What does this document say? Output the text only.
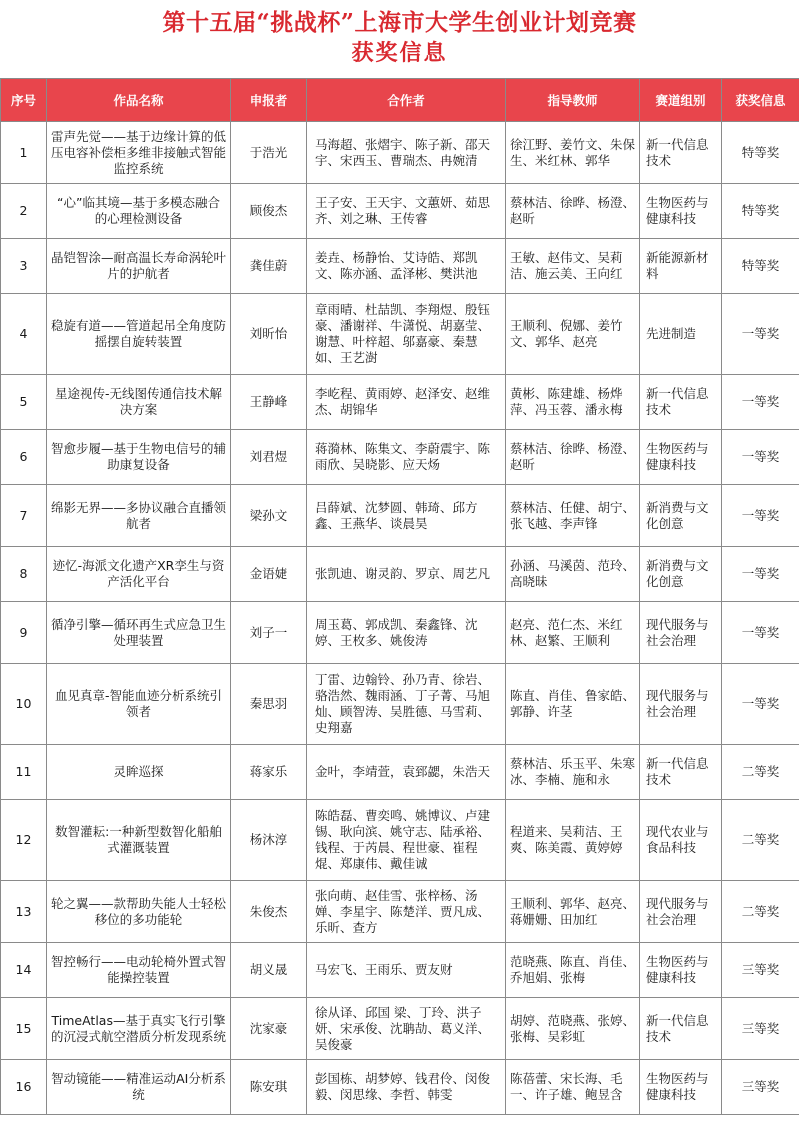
第十五届“挑战杯”上海市大学生创业计划竞赛
获奖信息
序号	作品名称	申报者	合作者	指导教师	赛道组别	获奖信息
1	雷声先觉——基于边缘计算的低压电容补偿柜多维非接触式智能监控系统	于浩光	马海超、张熠宇、陈子新、邵天宇、宋西玉、曹瑞杰、冉婉清	徐江野、姜竹文、朱保生、米红林、郭华	新一代信息技术	特等奖
2	“心”临其境—基于多模态融合的心理检测设备	顾俊杰	王子安、王天宇、文蕙妍、茹思齐、刘之琳、王传睿	蔡林洁、徐晔、杨澄、赵昕	生物医药与健康科技	特等奖
3	晶铠智涂—耐高温长寿命涡轮叶片的护航者	龚佳蔚	姜垚、杨静怡、艾诗皓、郑凯文、陈亦涵、孟泽彬、樊洪池	王敏、赵伟文、吴莉洁、施云美、王向红	新能源新材料	特等奖
4	稳旋有道——管道起吊全角度防摇摆自旋转装置	刘昕怡	章雨晴、杜喆凯、李翔煜、殷钰豪、潘谢祥、牛潇悦、胡嘉莹、谢慧、叶梓超、邬嘉豪、秦慧如、王艺澍	王顺利、倪娜、姜竹文、郭华、赵亮	先进制造	一等奖
5	星途视传-无线图传通信技术解决方案	王静峰	李屹程、黄雨婷、赵泽安、赵维杰、胡锦华	黄彬、陈建雄、杨烨萍、冯玉蓉、潘永梅	新一代信息技术	一等奖
6	智愈步履—基于生物电信号的辅助康复设备	刘君煜	蒋漪林、陈集文、李蔚震宇、陈雨欣、吴晓影、应天炀	蔡林洁、徐晔、杨澄、赵昕	生物医药与健康科技	一等奖
7	绵影无界——多协议融合直播领航者	梁孙文	吕薛斌、沈梦圆、韩琦、邱方鑫、王燕华、谈晨昊	蔡林洁、任健、胡宁、张飞越、李声锋	新消费与文化创意	一等奖
8	迹忆-海派文化遗产XR孪生与资产活化平台	金语婕	张凯迪、谢灵韵、罗京、周艺凡	孙涵、马溪茵、范玲、高晓昧	新消费与文化创意	一等奖
9	循净引擎—循环再生式应急卫生处理装置	刘子一	周玉葛、郭成凯、秦鑫锋、沈婷、王枚多、姚俊涛	赵亮、范仁杰、米红林、赵繁、王顺利	现代服务与社会治理	一等奖
10	血见真章-智能血迹分析系统引领者	秦思羽	丁雷、边翰铃、孙乃青、徐岩、骆浩然、魏雨涵、丁子菁、马旭灿、顾智涛、吴胜德、马雪莉、史翔嘉	陈直、肖佳、鲁家皓、郭静、许茎	现代服务与社会治理	一等奖
11	灵眸巡探	蒋家乐	金叶，李靖萱，袁郅勰，朱浩天	蔡林洁、乐玉平、朱寒冰、李楠、施和永	新一代信息技术	二等奖
12	数智灌耘:一种新型数智化船舶式灌溉装置	杨沐淳	陈皓磊、曹奕鸣、姚博议、卢建锡、耿向滨、姚守志、陆承裕、钱程、于芮晨、程世豪、崔程焜、郑康伟、戴佳诚	程道来、吴莉洁、王爽、陈美霞、黄婷婷	现代农业与食品科技	二等奖
13	轮之翼——款帮助失能人士轻松移位的多功能轮	朱俊杰	张向萌、赵佳雪、张梓杨、汤婵、李星宇、陈楚洋、贾凡成、乐昕、查方	王顺利、郭华、赵亮、蒋姗姗、田加红	现代服务与社会治理	二等奖
14	智控畅行——电动轮椅外置式智能操控装置	胡义晟	马宏飞、王雨乐、贾友财	范晓燕、陈直、肖佳、乔旭娟、张梅	生物医药与健康科技	三等奖
15	TimeAtlas—基于真实飞行引擎的沉浸式航空潜质分析发现系统	沈家豪	徐从译、邱国 梁、丁玲、洪子妍、宋承俊、沈聃劼、葛义洋、吴俊豪	胡婷、范晓燕、张婷、张梅、吴彩虹	新一代信息技术	三等奖
16	智动镜能——精准运动AI分析系统	陈安琪	彭国栋、胡梦婷、钱君伶、闵俊毅、闵思缘、李哲、韩雯	陈蓓蕾、宋长海、毛一、许子雄、鲍昱含	生物医药与健康科技	三等奖
